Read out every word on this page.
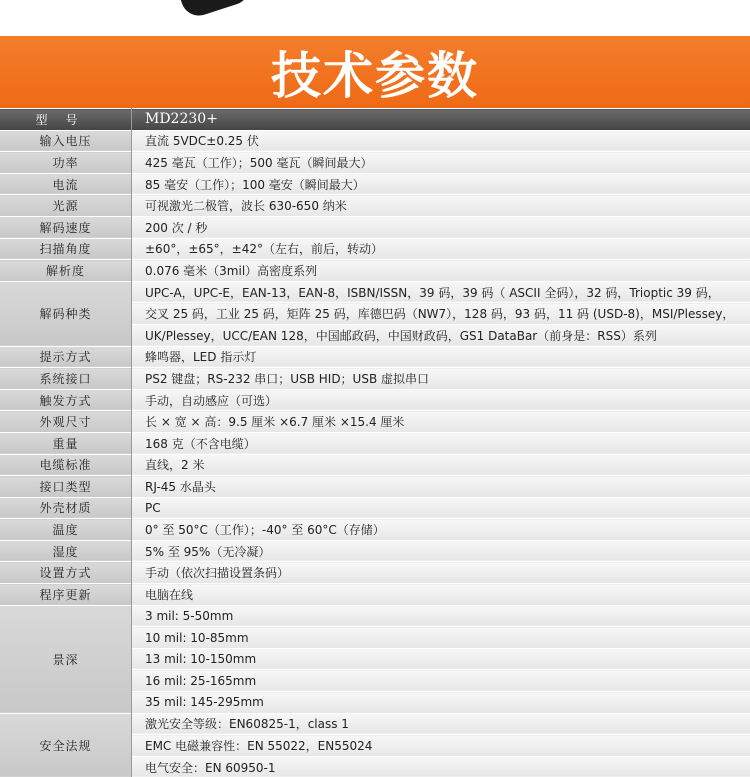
技术参数
型号	MD2230+
输入电压	直流 5VDC±0.25 伏
功率	425 毫瓦（工作）；500 毫瓦（瞬间最大）
电流	85 毫安（工作）；100 毫安（瞬间最大）
光源	可视激光二极管，波长 630-650 纳米
解码速度	200 次 / 秒
扫描角度	±60°，±65°，±42°（左右，前后，转动）
解析度	0.076 毫米（3mil）高密度系列
解码种类	UPC-A，UPC-E，EAN-13，EAN-8，ISBN/ISSN，39 码，39 码（ ASCII 全码），32 码，Trioptic 39 码，
	交叉 25 码，工业 25 码，矩阵 25 码，库德巴码（NW7），128 码，93 码，11 码 (USD-8)，MSI/Plessey，
	UK/Plessey，UCC/EAN 128，中国邮政码，中国财政码，GS1 DataBar（前身是：RSS）系列
提示方式	蜂鸣器，LED 指示灯
系统接口	PS2 键盘；RS-232 串口；USB HID；USB 虚拟串口
触发方式	手动，自动感应（可选）
外观尺寸	长 × 宽 × 高：9.5 厘米 ×6.7 厘米 ×15.4 厘米
重量	168 克（不含电缆）
电缆标准	直线，2 米
接口类型	RJ-45 水晶头
外壳材质	PC
温度	0° 至 50°C（工作）；-40° 至 60°C（存储）
湿度	5% 至 95%（无冷凝）
设置方式	手动（依次扫描设置条码）
程序更新	电脑在线
景深	3 mil: 5-50mm
	10 mil: 10-85mm
	13 mil: 10-150mm
	16 mil: 25-165mm
	35 mil: 145-295mm
安全法规	激光安全等级：EN60825-1，class 1
	EMC 电磁兼容性：EN 55022，EN55024
	电气安全：EN 60950-1
